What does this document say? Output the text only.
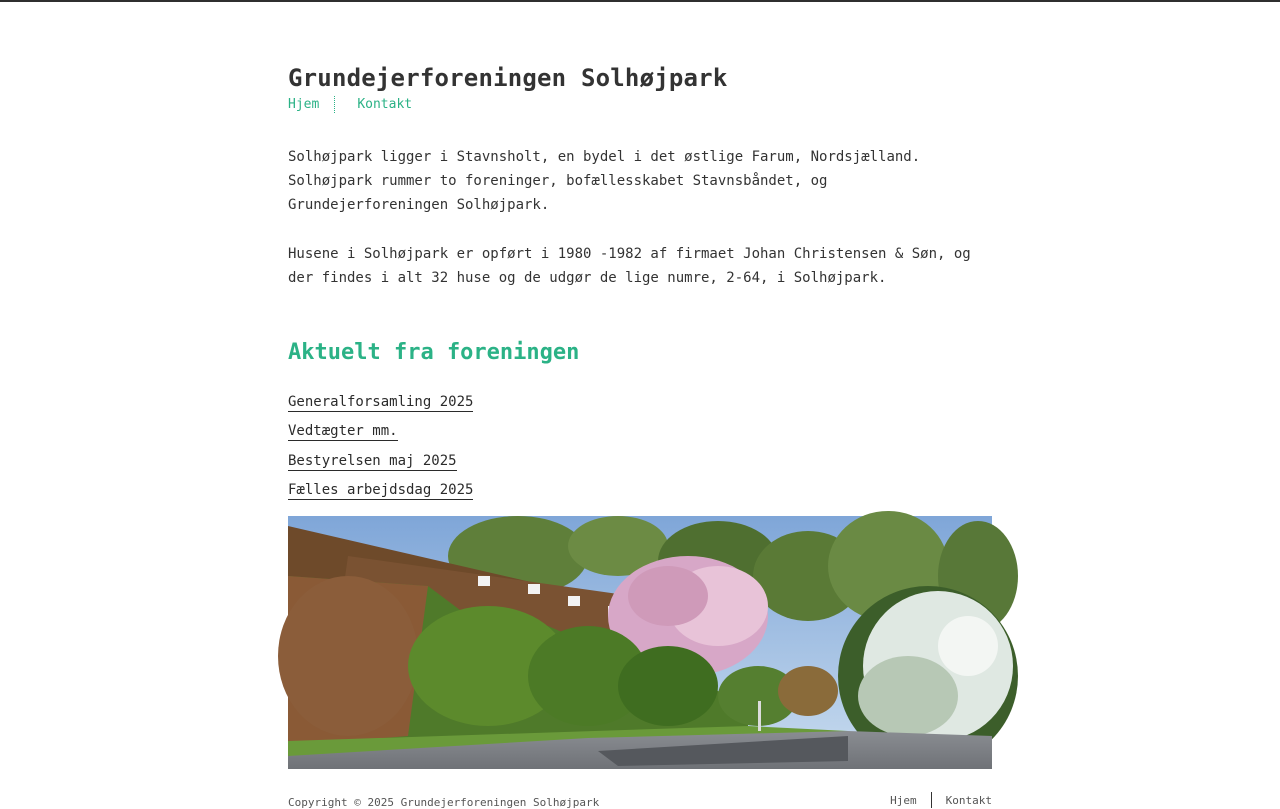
Grundejerforeningen Solhøjpark
Hjem	Kontakt

Solhøjpark ligger i Stavnsholt, en bydel i det østlige Farum, Nordsjælland. Solhøjpark rummer to foreninger, bofællesskabet Stavnsbåndet, og Grundejerforeningen Solhøjpark.

Husene i Solhøjpark er opført i 1980 -1982 af firmaet Johan Christensen & Søn, og der findes i alt 32 huse og de udgør de lige numre, 2-64, i Solhøjpark.

Aktuelt fra foreningen
Generalforsamling 2025
Vedtægter mm.
Bestyrelsen maj 2025
Fælles arbejdsdag 2025
Copyright © 2025 Grundejerforeningen Solhøjpark	Hjem	Kontakt
